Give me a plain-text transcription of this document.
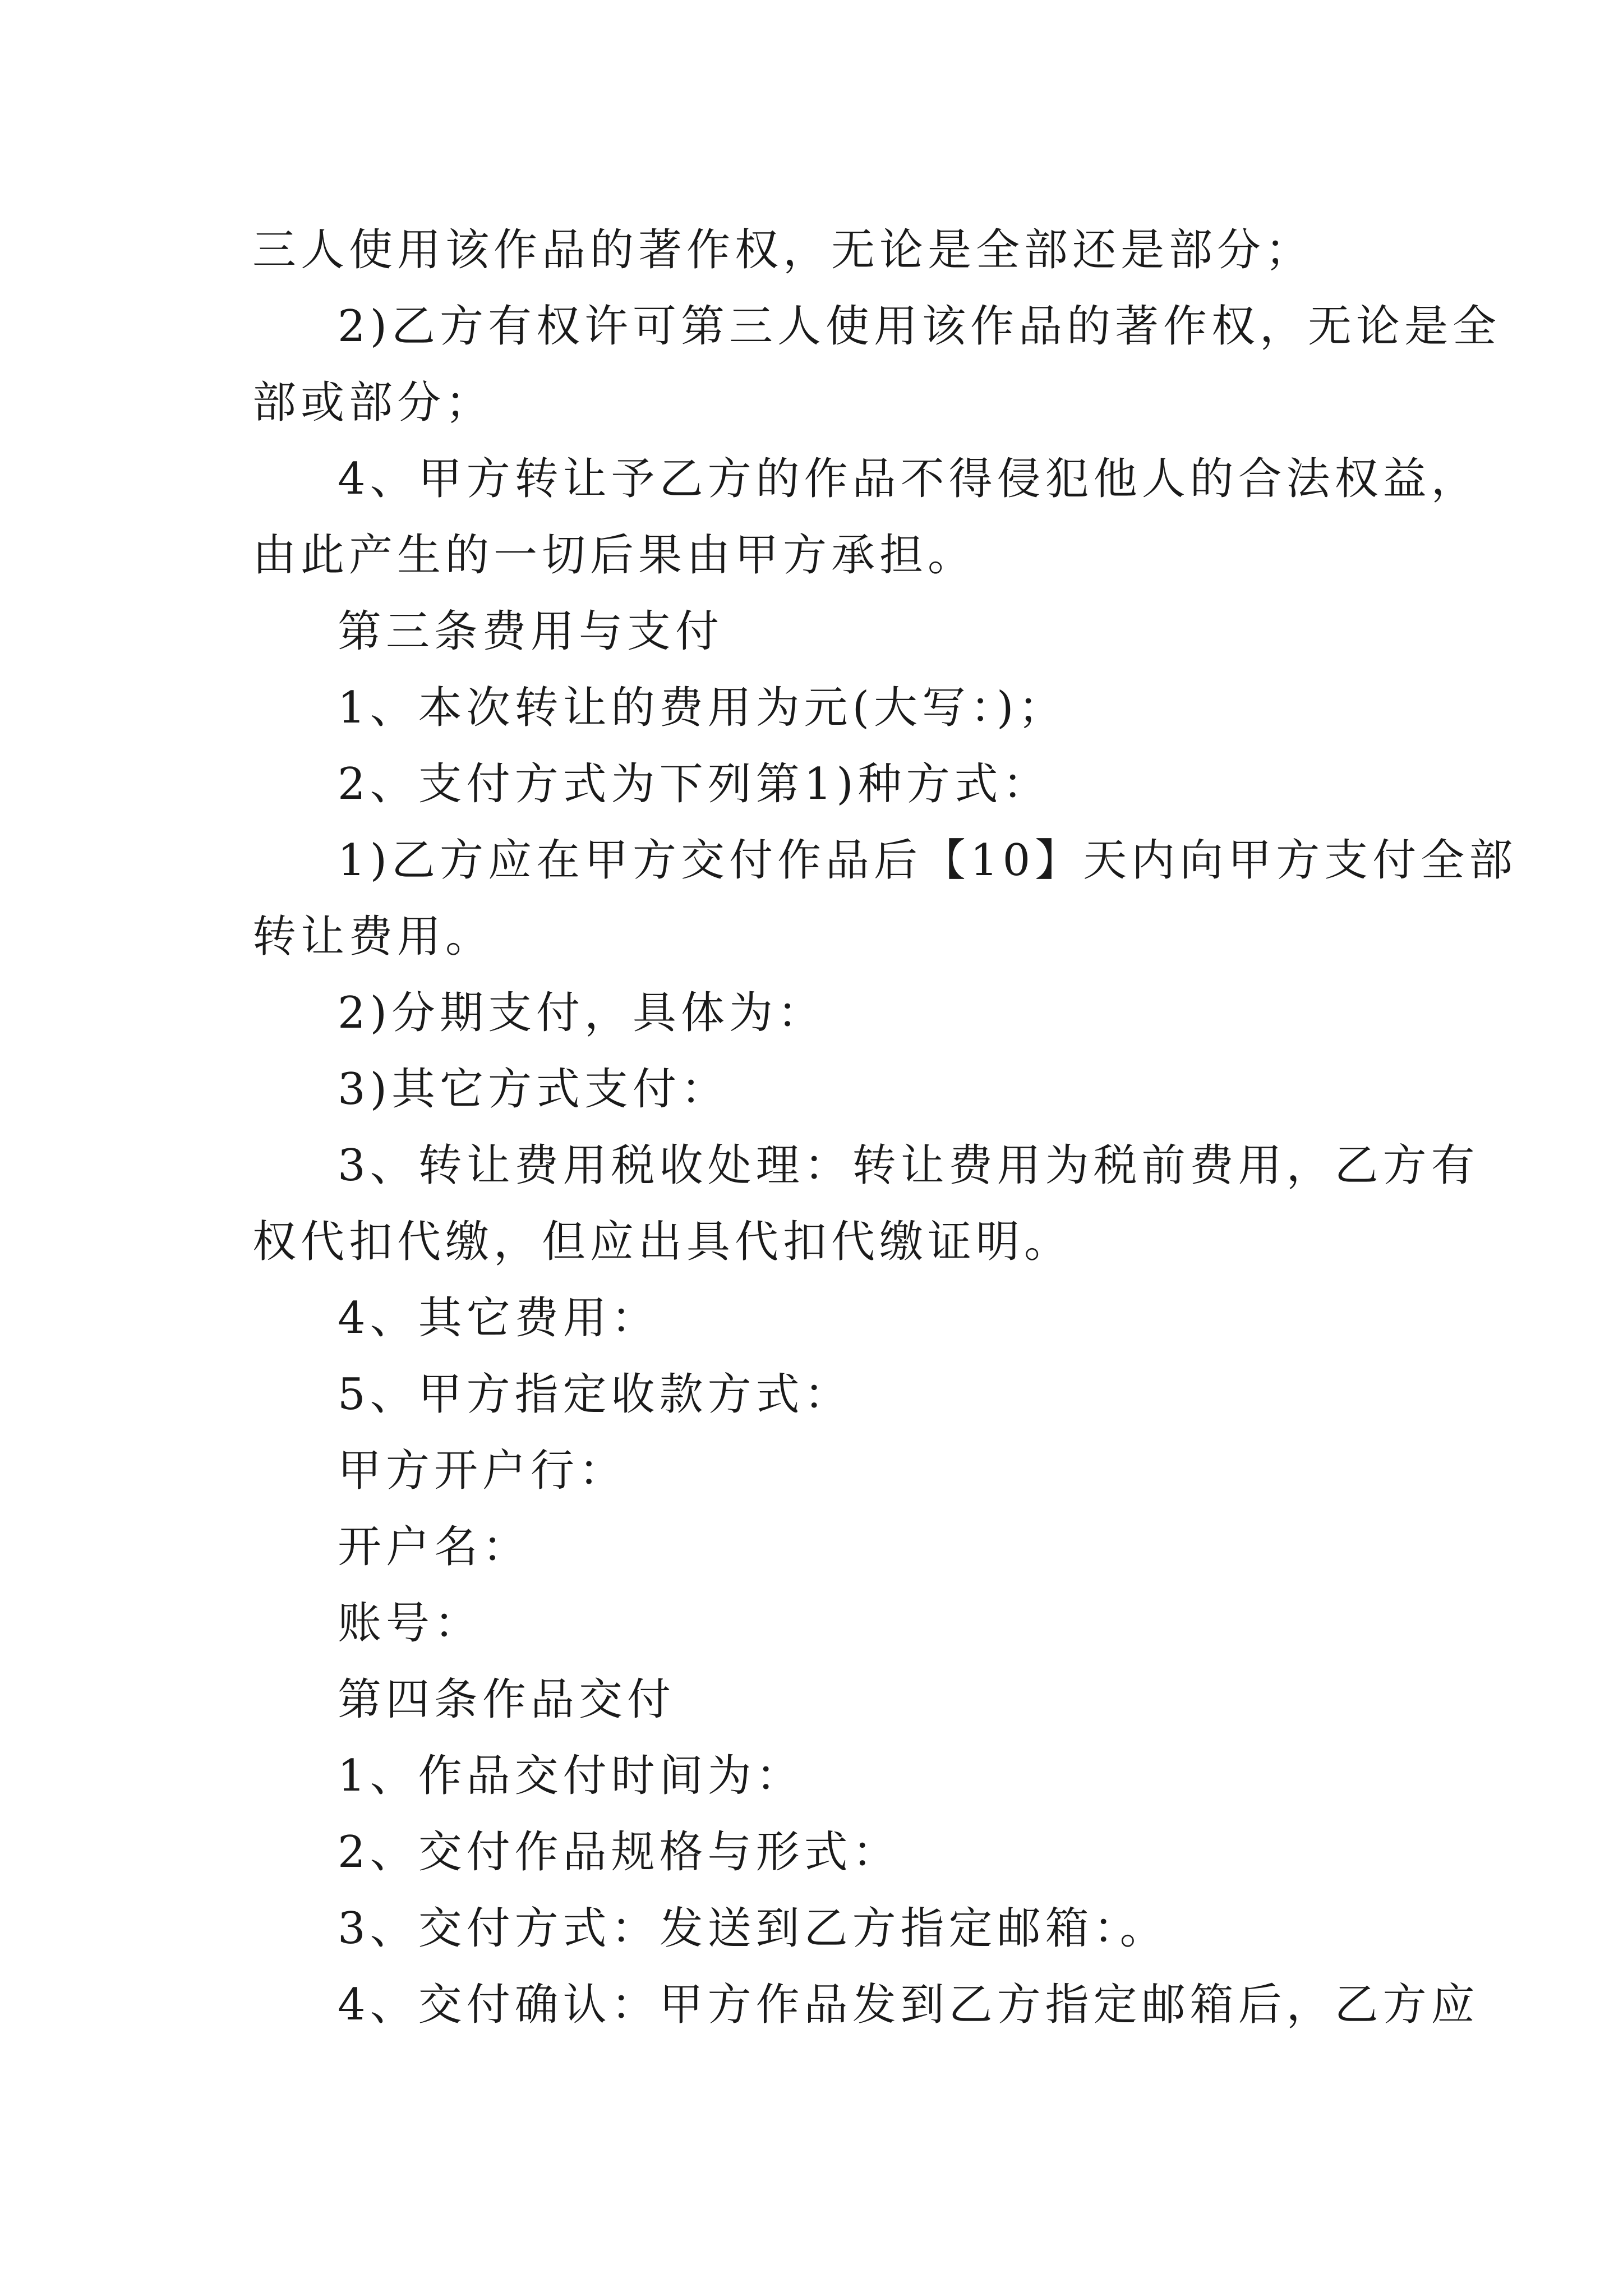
三人使用该作品的著作权，无论是全部还是部分；
2)乙方有权许可第三人使用该作品的著作权，无论是全
部或部分；
4、甲方转让予乙方的作品不得侵犯他人的合法权益，
由此产生的一切后果由甲方承担。
第三条费用与支付
1、本次转让的费用为元(大写：)；
2、支付方式为下列第1)种方式：
1)乙方应在甲方交付作品后【10】天内向甲方支付全部
转让费用。
2)分期支付，具体为：
3)其它方式支付：
3、转让费用税收处理：转让费用为税前费用，乙方有
权代扣代缴，但应出具代扣代缴证明。
4、其它费用：
5、甲方指定收款方式：
甲方开户行：
开户名：
账号：
第四条作品交付
1、作品交付时间为：
2、交付作品规格与形式：
3、交付方式：发送到乙方指定邮箱：。
4、交付确认：甲方作品发到乙方指定邮箱后，乙方应
